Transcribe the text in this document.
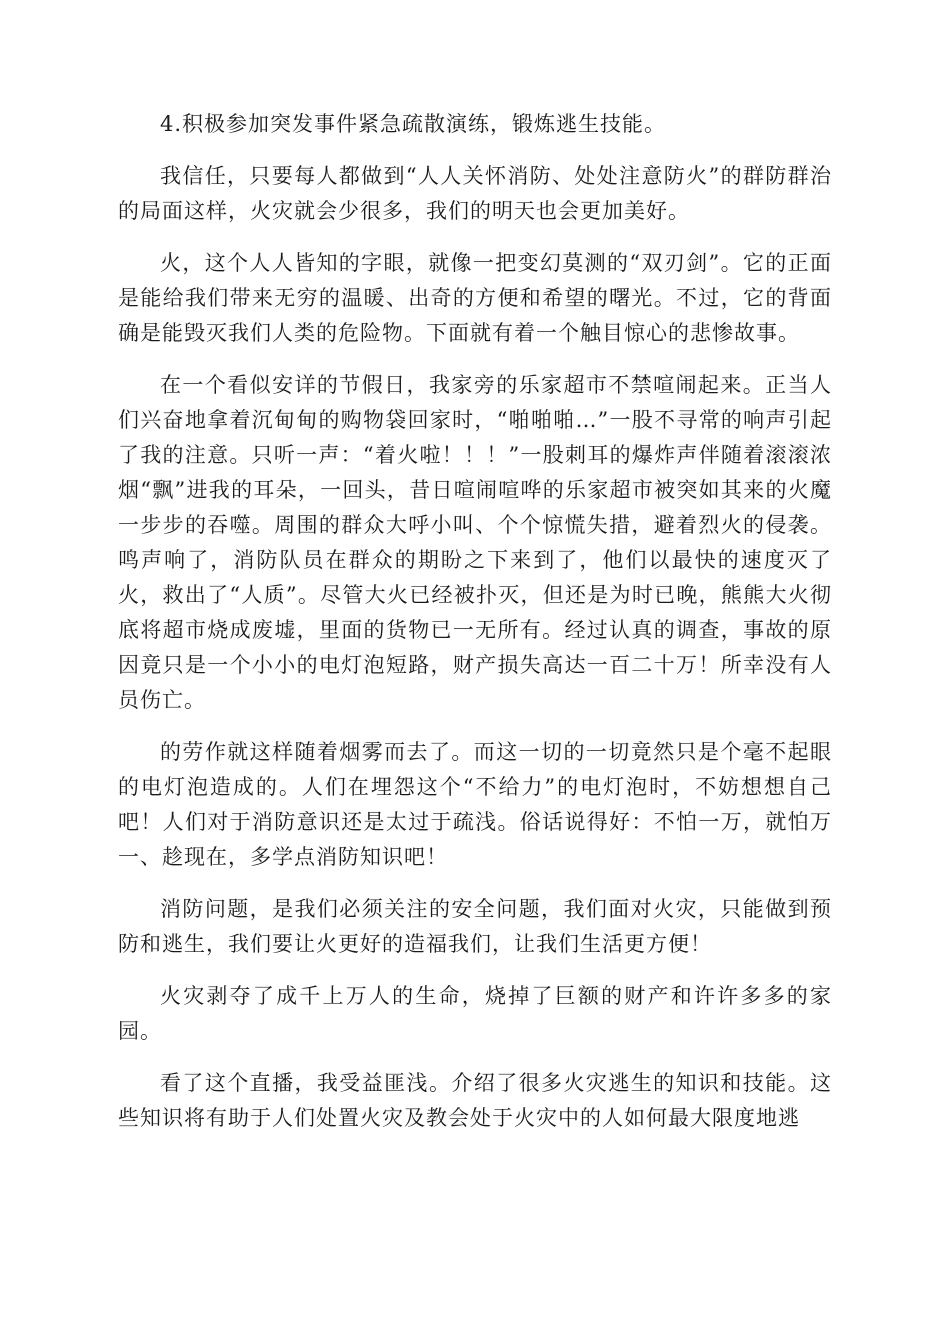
4.积极参加突发事件紧急疏散演练，锻炼逃生技能。

我信任，只要每人都做到“人人关怀消防、处处注意防火”的群防群治的局面这样，火灾就会少很多，我们的明天也会更加美好。

火，这个人人皆知的字眼，就像一把变幻莫测的“双刃剑”。它的正面是能给我们带来无穷的温暖、出奇的方便和希望的曙光。不过，它的背面确是能毁灭我们人类的危险物。下面就有着一个触目惊心的悲惨故事。

在一个看似安详的节假日，我家旁的乐家超市不禁喧闹起来。正当人们兴奋地拿着沉甸甸的购物袋回家时，“啪啪啪…”一股不寻常的响声引起了我的注意。只听一声：“着火啦！！！”一股刺耳的爆炸声伴随着滚滚浓烟“飘”进我的耳朵，一回头，昔日喧闹喧哗的乐家超市被突如其来的火魔一步步的吞噬。周围的群众大呼小叫、个个惊慌失措，避着烈火的侵袭。鸣声响了，消防队员在群众的期盼之下来到了，他们以最快的速度灭了火，救出了“人质”。尽管大火已经被扑灭，但还是为时已晚，熊熊大火彻底将超市烧成废墟，里面的货物已一无所有。经过认真的调查，事故的原因竟只是一个小小的电灯泡短路，财产损失高达一百二十万！所幸没有人员伤亡。

的劳作就这样随着烟雾而去了。而这一切的一切竟然只是个毫不起眼的电灯泡造成的。人们在埋怨这个“不给力”的电灯泡时，不妨想想自己吧！人们对于消防意识还是太过于疏浅。俗话说得好：不怕一万，就怕万一、趁现在，多学点消防知识吧！

消防问题，是我们必须关注的安全问题，我们面对火灾，只能做到预防和逃生，我们要让火更好的造福我们，让我们生活更方便！

火灾剥夺了成千上万人的生命，烧掉了巨额的财产和许许多多的家园。

看了这个直播，我受益匪浅。介绍了很多火灾逃生的知识和技能。这些知识将有助于人们处置火灾及教会处于火灾中的人如何最大限度地逃
